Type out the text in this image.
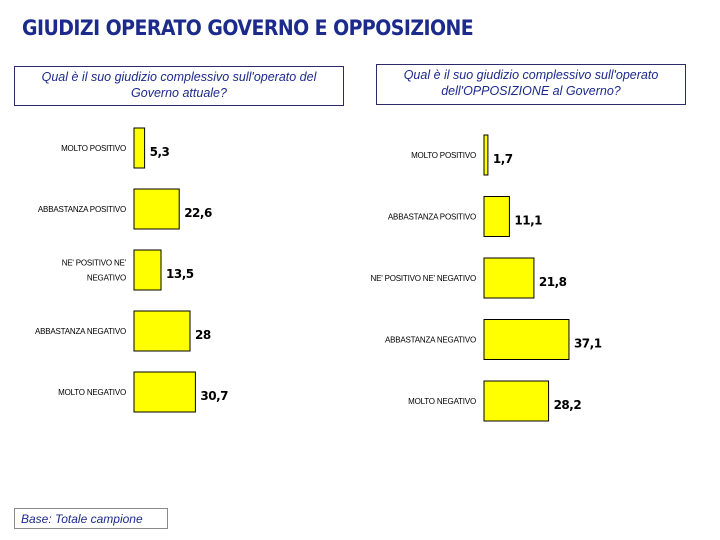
GIUDIZI OPERATO GOVERNO E OPPOSIZIONE
Qual è il suo giudizio complessivo sull'operato del Governo attuale?
Qual è il suo giudizio complessivo sull'operato dell'OPPOSIZIONE al Governo?
MOLTO POSITIVO 5,3
ABBASTANZA POSITIVO	22,6
NE' POSITIVO NE' NEGATIVO	13,5
ABBASTANZA NEGATIVO	28
MOLTO NEGATIVO	30,7
MOLTO POSITIVO 1,7
ABBASTANZA POSITIVO	11,1
NE' POSITIVO NE' NEGATIVO	21,8
ABBASTANZA NEGATIVO	37,1
MOLTO NEGATIVO	28,2
Base: Totale campione
